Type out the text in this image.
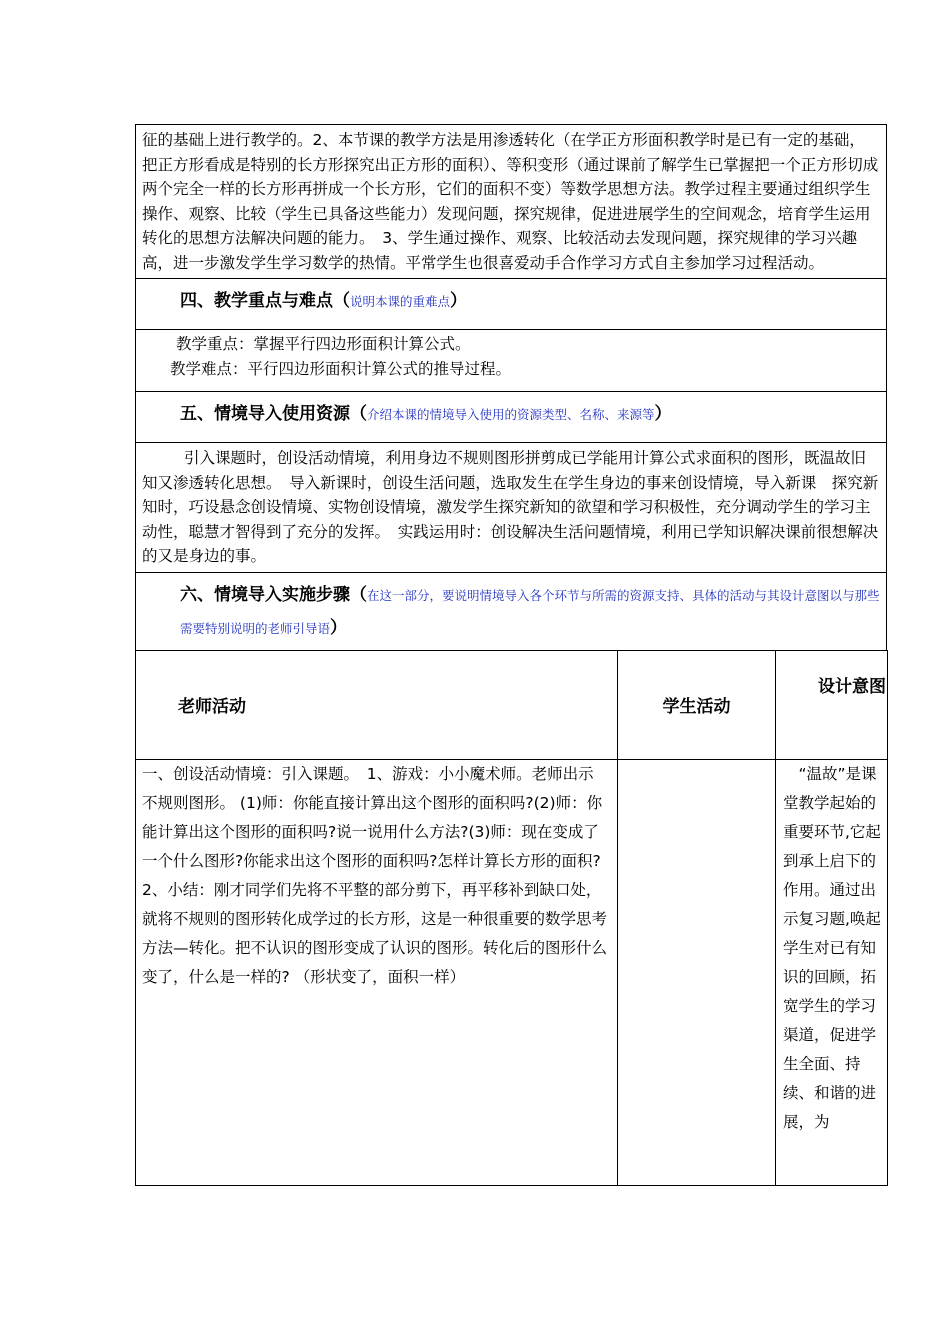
征的基础上进行教学的。2、本节课的教学方法是用渗透转化（在学正方形面积教学时是已有一定的基础，把正方形看成是特别的长方形探究出正方形的面积）、等积变形（通过课前了解学生已掌握把一个正方形切成两个完全一样的长方形再拼成一个长方形，它们的面积不变）等数学思想方法。教学过程主要通过组织学生操作、观察、比较（学生已具备这些能力）发现问题，探究规律，促进进展学生的空间观念，培育学生运用转化的思想方法解决问题的能力。　3、学生通过操作、观察、比较活动去发现问题，探究规律的学习兴趣高，进一步激发学生学习数学的热情。平常学生也很喜爱动手合作学习方式自主参加学习过程活动。
四、教学重点与难点（说明本课的重难点）
教学重点：掌握平行四边形面积计算公式。
教学难点：平行四边形面积计算公式的推导过程。
五、情境导入使用资源（介绍本课的情境导入使用的资源类型、名称、来源等）
引入课题时，创设活动情境，利用身边不规则图形拼剪成已学能用计算公式求面积的图形，既温故旧知又渗透转化思想。　导入新课时，创设生活问题，选取发生在学生身边的事来创设情境，导入新课　探究新知时，巧设悬念创设情境、实物创设情境，激发学生探究新知的欲望和学习积极性，充分调动学生的学习主动性，聪慧才智得到了充分的发挥。　实践运用时：创设解决生活问题情境，利用已学知识解决课前很想解决的又是身边的事。
六、情境导入实施步骤（在这一部分，要说明情境导入各个环节与所需的资源支持、具体的活动与其设计意图以与那些需要特别说明的老师引导语）
老师活动	学生活动	设计意图
一、创设活动情境：引入课题。　1、游戏：小小魔术师。老师出示不规则图形。 (1)师：你能直接计算出这个图形的面积吗?(2)师：你能计算出这个图形的面积吗?说一说用什么方法?(3)师：现在变成了一个什么图形?你能求出这个图形的面积吗?怎样计算长方形的面积?　 2、小结：刚才同学们先将不平整的部分剪下，再平移补到缺口处，就将不规则的图形转化成学过的长方形，这是一种很重要的数学思考方法—转化。把不认识的图形变成了认识的图形。转化后的图形什么变了，什么是一样的? （形状变了，面积一样）		　“温故”是课堂教学起始的重要环节,它起到承上启下的作用。通过出示复习题,唤起学生对已有知识的回顾，拓宽学生的学习渠道，促进学生全面、持续、和谐的进展，为
